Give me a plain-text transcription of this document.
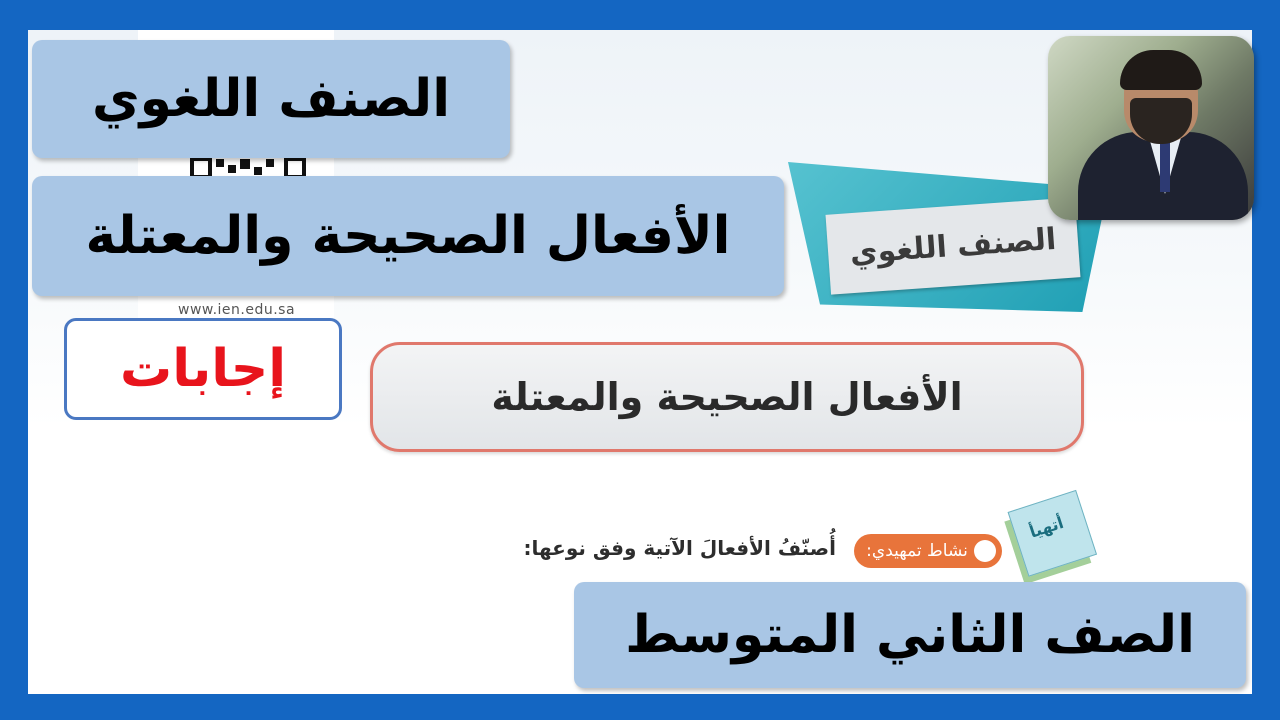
www.ien.edu.sa
الصنف اللغوي
الأفعال الصحيحة والمعتلة
أتهيأ
نشاط تمهيدي:
أُصنّفُ الأفعالَ الآتية وفق نوعها:
الصنف اللغوي
الأفعال الصحيحة والمعتلة
إجابات
الصف الثاني المتوسط
